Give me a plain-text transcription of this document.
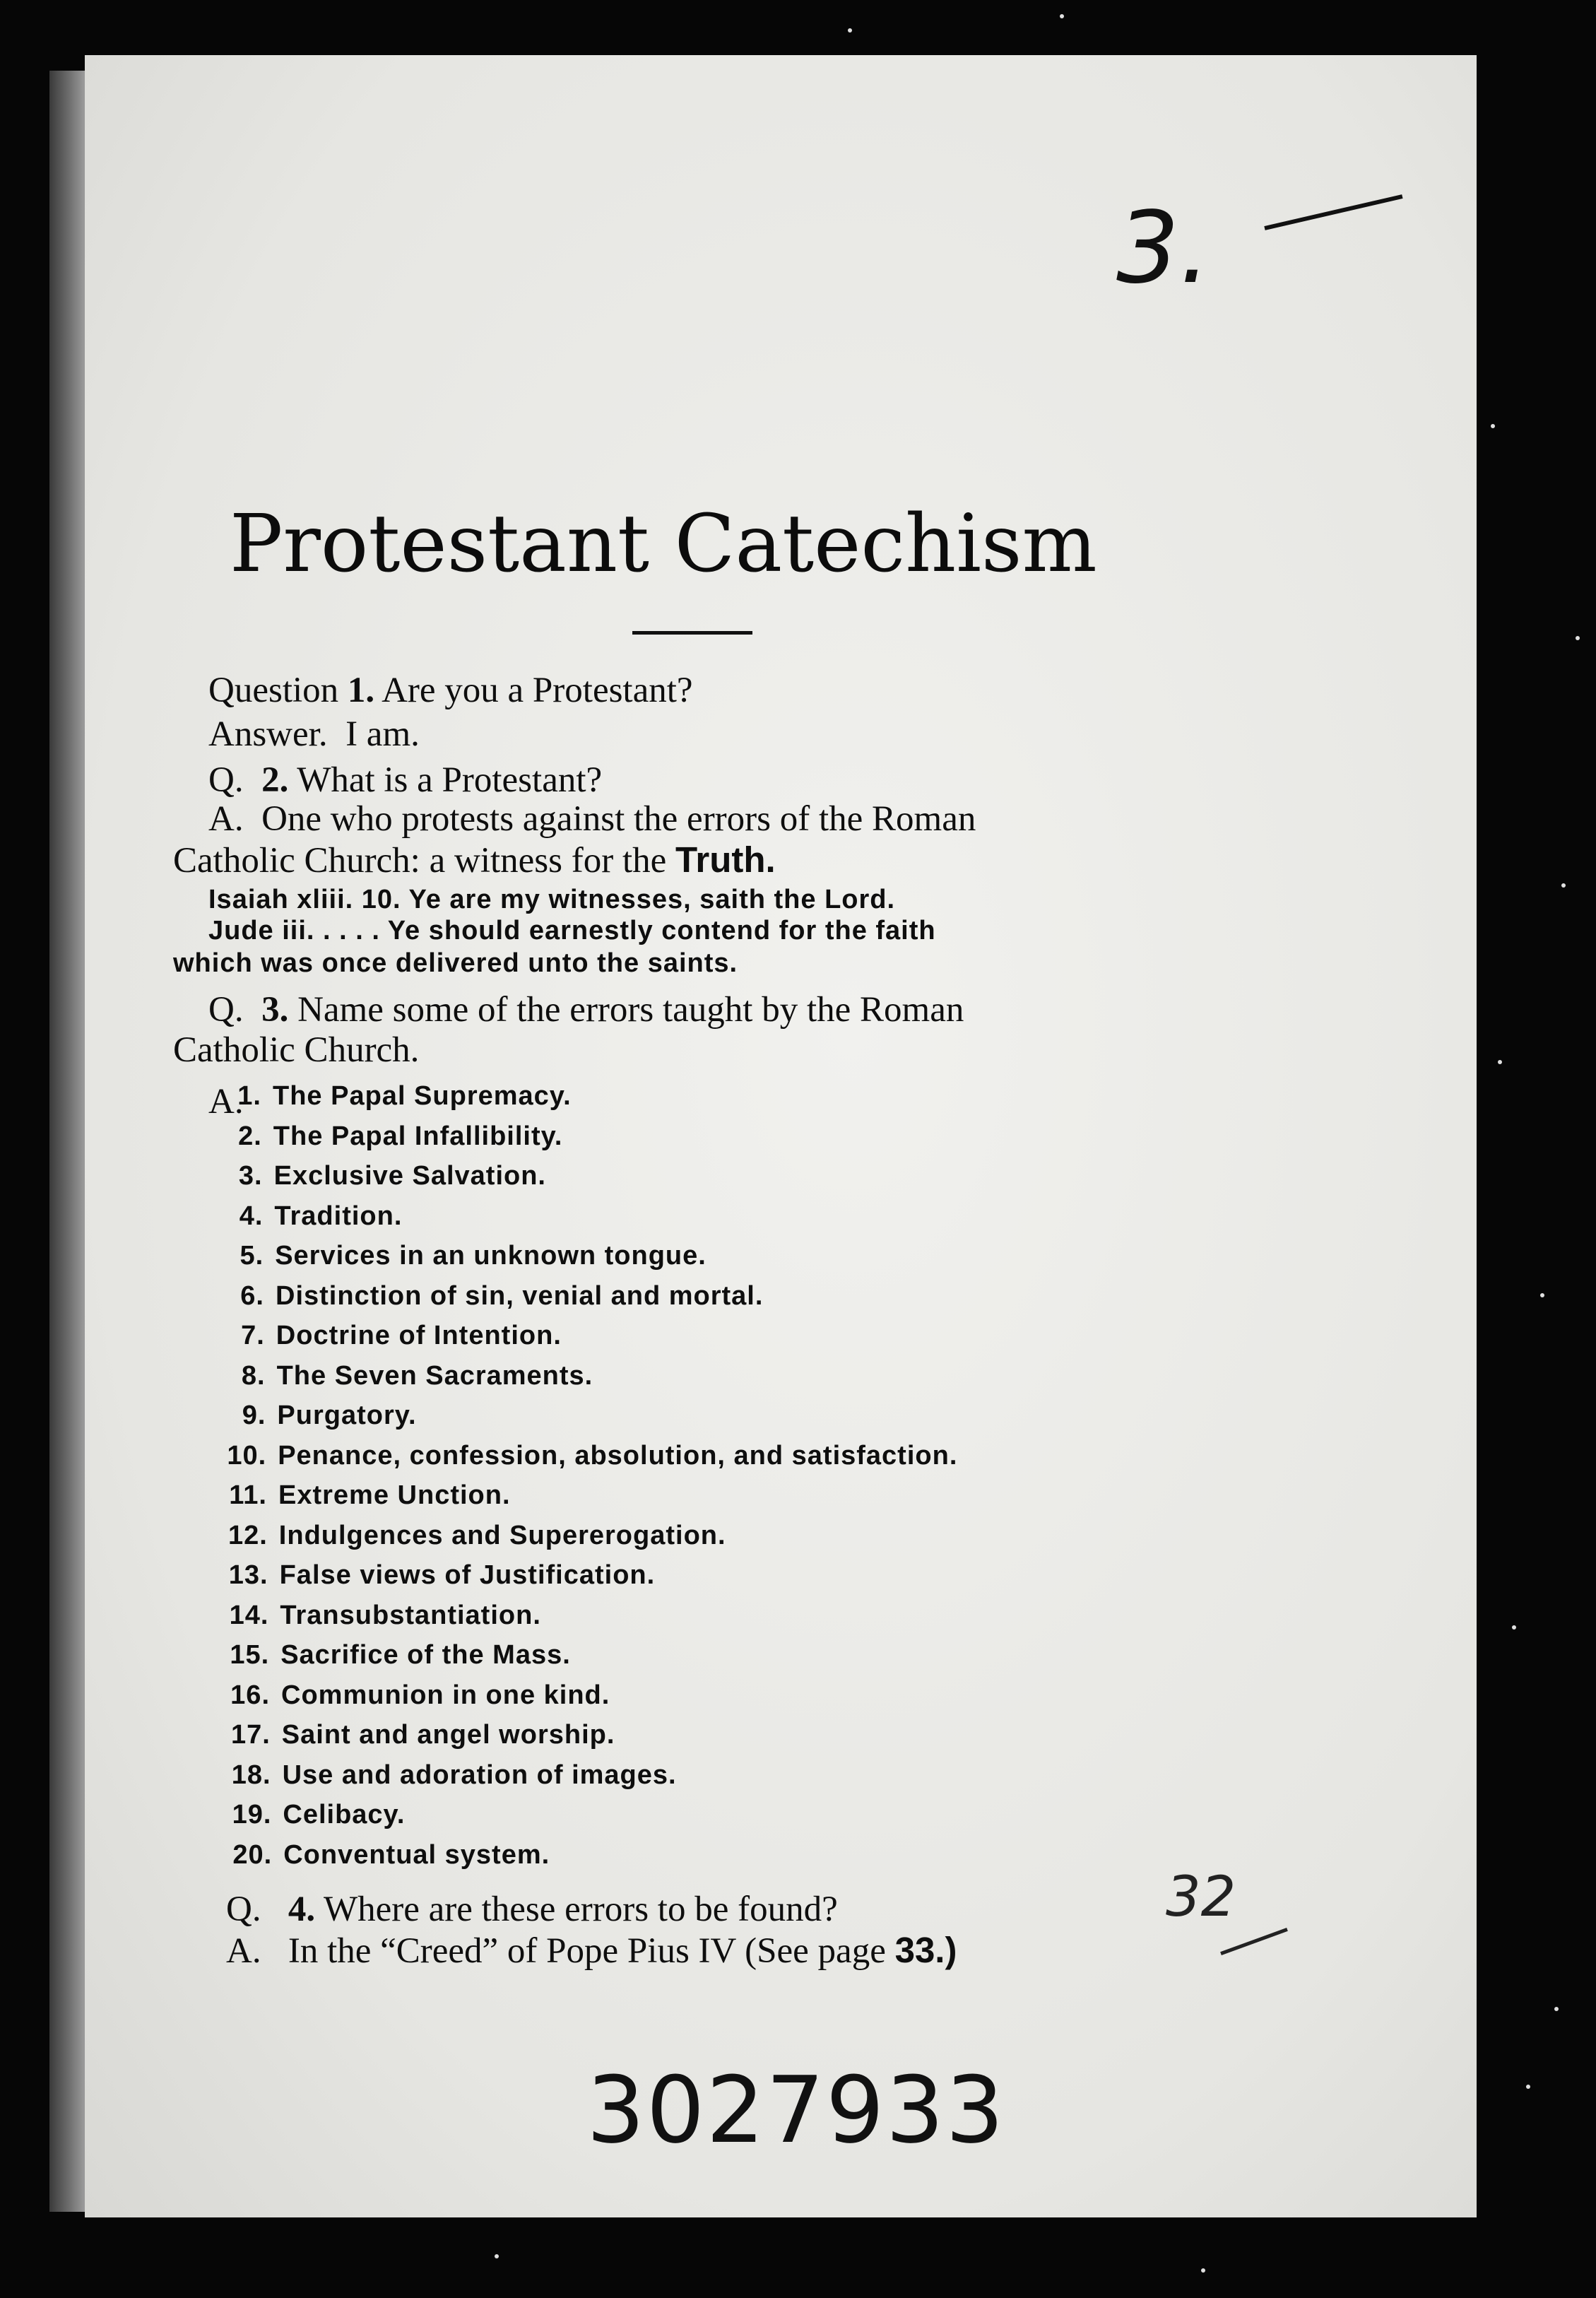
3.
Protestant Catechism
Question 1. Are you a Protestant?
Answer. I am.
Q. 2. What is a Protestant?
A. One who protests against the errors of the Roman
Catholic Church: a witness for the Truth.
Isaiah xliii. 10. Ye are my witnesses, saith the Lord.
Jude iii. . . . . Ye should earnestly contend for the faith
which was once delivered unto the saints.
Q. 3. Name some of the errors taught by the Roman
Catholic Church.
A.
1. The Papal Supremacy.
2. The Papal Infallibility.
3. Exclusive Salvation.
4. Tradition.
5. Services in an unknown tongue.
6. Distinction of sin, venial and mortal.
7. Doctrine of Intention.
8. The Seven Sacraments.
9. Purgatory.
10. Penance, confession, absolution, and satisfaction.
11. Extreme Unction.
12. Indulgences and Supererogation.
13. False views of Justification.
14. Transubstantiation.
15. Sacrifice of the Mass.
16. Communion in one kind.
17. Saint and angel worship.
18. Use and adoration of images.
19. Celibacy.
20. Conventual system.
Q. 4. Where are these errors to be found?
A. In the “Creed” of Pope Pius IV (See page 33.)
32
3027933
